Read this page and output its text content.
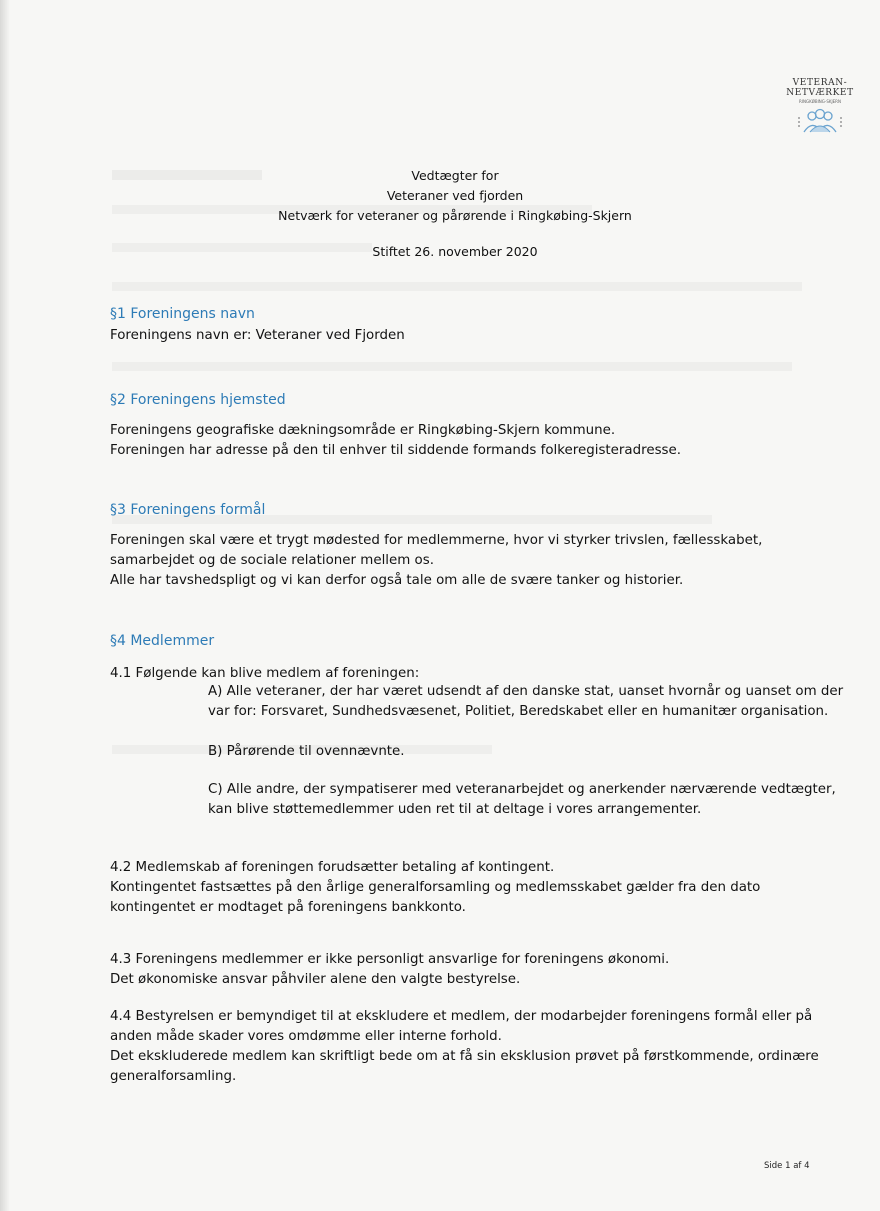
VETERAN-NETVÆRKET
RINGKØBING-SKJERN
Vedtægter for
Veteraner ved fjorden
Netværk for veteraner og pårørende i Ringkøbing-Skjern
Stiftet 26. november 2020
§1 Foreningens navn
Foreningens navn er: Veteraner ved Fjorden
§2 Foreningens hjemsted
Foreningens geografiske dækningsområde er Ringkøbing-Skjern kommune.
Foreningen har adresse på den til enhver til siddende formands folkeregisteradresse.
§3 Foreningens formål
Foreningen skal være et trygt mødested for medlemmerne, hvor vi styrker trivslen, fællesskabet,
samarbejdet og de sociale relationer mellem os.
Alle har tavshedspligt og vi kan derfor også tale om alle de svære tanker og historier.
§4 Medlemmer
4.1 Følgende kan blive medlem af foreningen:
A) Alle veteraner, der har været udsendt af den danske stat, uanset hvornår og uanset om der
var for: Forsvaret, Sundhedsvæsenet, Politiet, Beredskabet eller en humanitær organisation.
B) Pårørende til ovennævnte.
C) Alle andre, der sympatiserer med veteranarbejdet og anerkender nærværende vedtægter,
kan blive støttemedlemmer uden ret til at deltage i vores arrangementer.
4.2 Medlemskab af foreningen forudsætter betaling af kontingent.
Kontingentet fastsættes på den årlige generalforsamling og medlemsskabet gælder fra den dato
kontingentet er modtaget på foreningens bankkonto.
4.3 Foreningens medlemmer er ikke personligt ansvarlige for foreningens økonomi.
Det økonomiske ansvar påhviler alene den valgte bestyrelse.
4.4 Bestyrelsen er bemyndiget til at ekskludere et medlem, der modarbejder foreningens formål eller på
anden måde skader vores omdømme eller interne forhold.
Det ekskluderede medlem kan skriftligt bede om at få sin eksklusion prøvet på førstkommende, ordinære
generalforsamling.
Side 1 af 4
